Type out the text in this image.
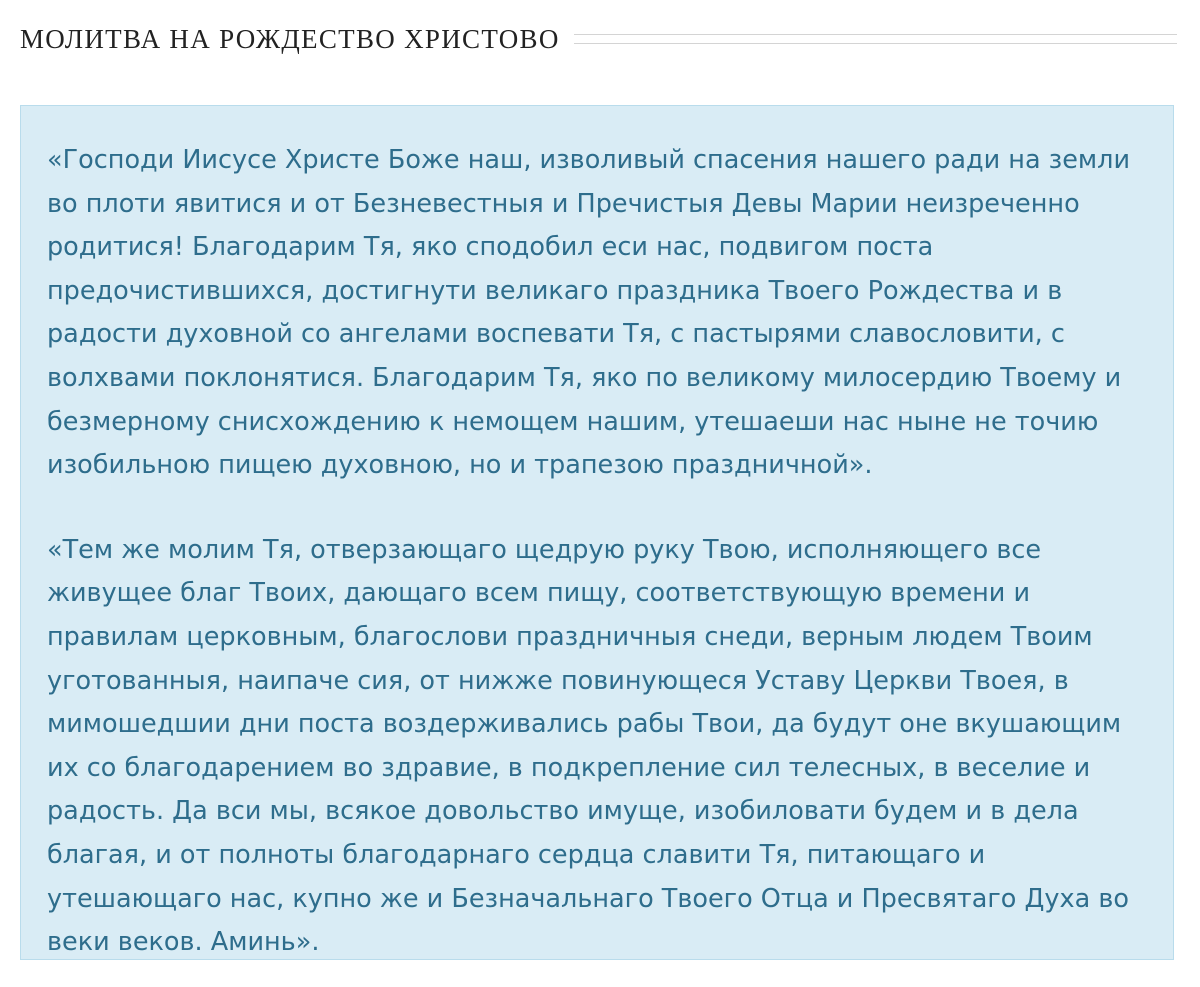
МОЛИТВА НА РОЖДЕСТВО ХРИСТОВО

«Господи Иисусе Христе Боже наш, изволивый спасения нашего ради на земли во плоти явитися и от Безневестныя и Пречистыя Девы Марии неизреченно родитися! Благодарим Тя, яко сподобил еси нас, подвигом поста предочистившихся, достигнути великаго праздника Твоего Рождества и в радости духовной со ангелами воспевати Тя, с пастырями славословити, с волхвами поклонятися. Благодарим Тя, яко по великому милосердию Твоему и безмерному снисхождению к немощем нашим, утешаеши нас ныне не точию изобильною пищею духовною, но и трапезою праздничной».

«Тем же молим Тя, отверзающаго щедрую руку Твою, исполняющего все живущее благ Твоих, дающаго всем пищу, соответствующую времени и правилам церковным, благослови праздничныя снеди, верным людем Твоим уготованныя, наипаче сия, от нижже повинующеся Уставу Церкви Твоея, в мимошедшии дни поста воздерживались рабы Твои, да будут оне вкушающим их со благодарением во здравие, в подкрепление сил телесных, в веселие и радость. Да вси мы, всякое довольство имуще, изобиловати будем и в дела благая, и от полноты благодарнаго сердца славити Тя, питающаго и утешающаго нас, купно же и Безначальнаго Твоего Отца и Пресвятаго Духа во веки веков. Аминь».
